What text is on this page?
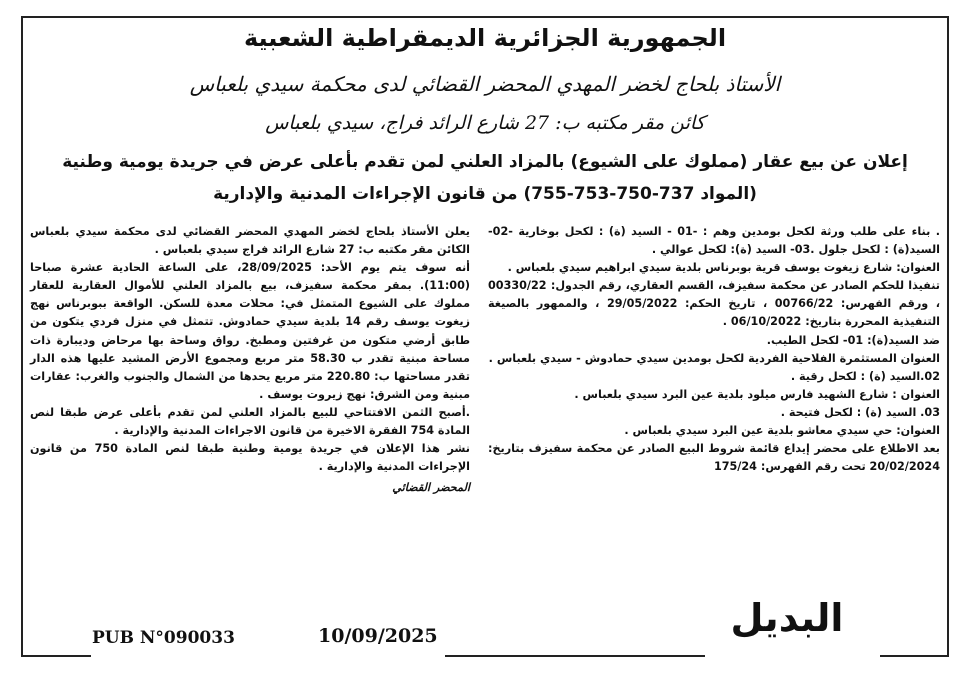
الجمهورية الجزائرية الديمقراطية الشعبية
الأستاذ بلحاج لخضر المهدي المحضر القضائي لدى محكمة سيدي بلعباس
كائن مقر مكتبه ب: 27 شارع الرائد فراج، سيدي بلعباس
إعلان عن بيع عقار (مملوك على الشيوع) بالمزاد العلني لمن تقدم بأعلى عرض في جريدة يومية وطنية
(المواد 737-750-753-755) من قانون الإجراءات المدنية والإدارية

. بناء على طلب ورثة لكحل بومدين وهم : -01 - السيد (ة) : لكحل بوخارية -02- السيد(ة) : لكحل جلول .03- السيد (ة): لكحل عوالي .

العنوان: شارع زيغوت يوسف قرية بوبرناس بلدية سيدي ابراهيم سيدي بلعباس .

تنفيذا للحكم الصادر عن محكمة سفيزف، القسم العقاري، رقم الجدول: 00330/22 ، ورقم الفهرس: 00766/22 ، تاريخ الحكم: 29/05/2022 ، والممهور بالصيغة التنفيذية المحررة بتاريخ: 06/10/2022 .

ضد السيد(ة): 01- لكحل الطيب.

العنوان المستثمرة الفلاحية الفردية لكحل بومدين سيدي حمادوش - سيدي بلعباس .

02.السيد (ة) : لكحل رقية .

العنوان : شارع الشهيد فارس ميلود بلدية عين البرد سيدي بلعباس .

03. السيد (ة) : لكحل فتيحة .

العنوان: حي سيدي معاشو بلدية عين البرد سيدي بلعباس .

بعد الاطلاع على محضر إيداع قائمة شروط البيع الصادر عن محكمة سفيزف بتاريخ: 20/02/2024 تحت رقم الفهرس: 175/24

يعلن الأستاذ بلحاج لخضر المهدي المحضر القضائي لدى محكمة سيدي بلعباس الكائن مقر مكتبه ب: 27 شارع الرائد فراج سيدي بلعباس .

أنه سوف يتم يوم الأحد: 28/09/2025، على الساعة الحادية عشرة صباحا (11:00). بمقر محكمة سفيزف، بيع بالمزاد العلني للأموال العقارية للعقار مملوك على الشيوع المتمثل في: محلات معدة للسكن. الواقعة ببوبرناس نهج زيغوت يوسف رقم 14 بلدية سيدي حمادوش. تتمثل في منزل فردي يتكون من طابق أرضي متكون من غرفتين ومطبخ. رواق وساحة بها مرحاض وديبارة ذات مساحة مبنية تقدر ب 58.30 متر مربع ومجموع الأرض المشيد عليها هذه الدار تقدر مساحتها ب: 220.80 متر مربع يحدها من الشمال والجنوب والغرب: عقارات مبنية ومن الشرق: نهج زيروت يوسف .

.أصبح الثمن الافتتاحي للبيع بالمزاد العلني لمن تقدم بأعلى عرض طبقا لنص المادة 754 الفقرة الاخيرة من قانون الاجراءات المدنية والإدارية .

نشر هذا الإعلان في جريدة يومية وطنية طبقا لنص المادة 750 من قانون الإجراءات المدنية والإدارية .

المحضر القضائي

البديل
10/09/2025
PUB N°090033
